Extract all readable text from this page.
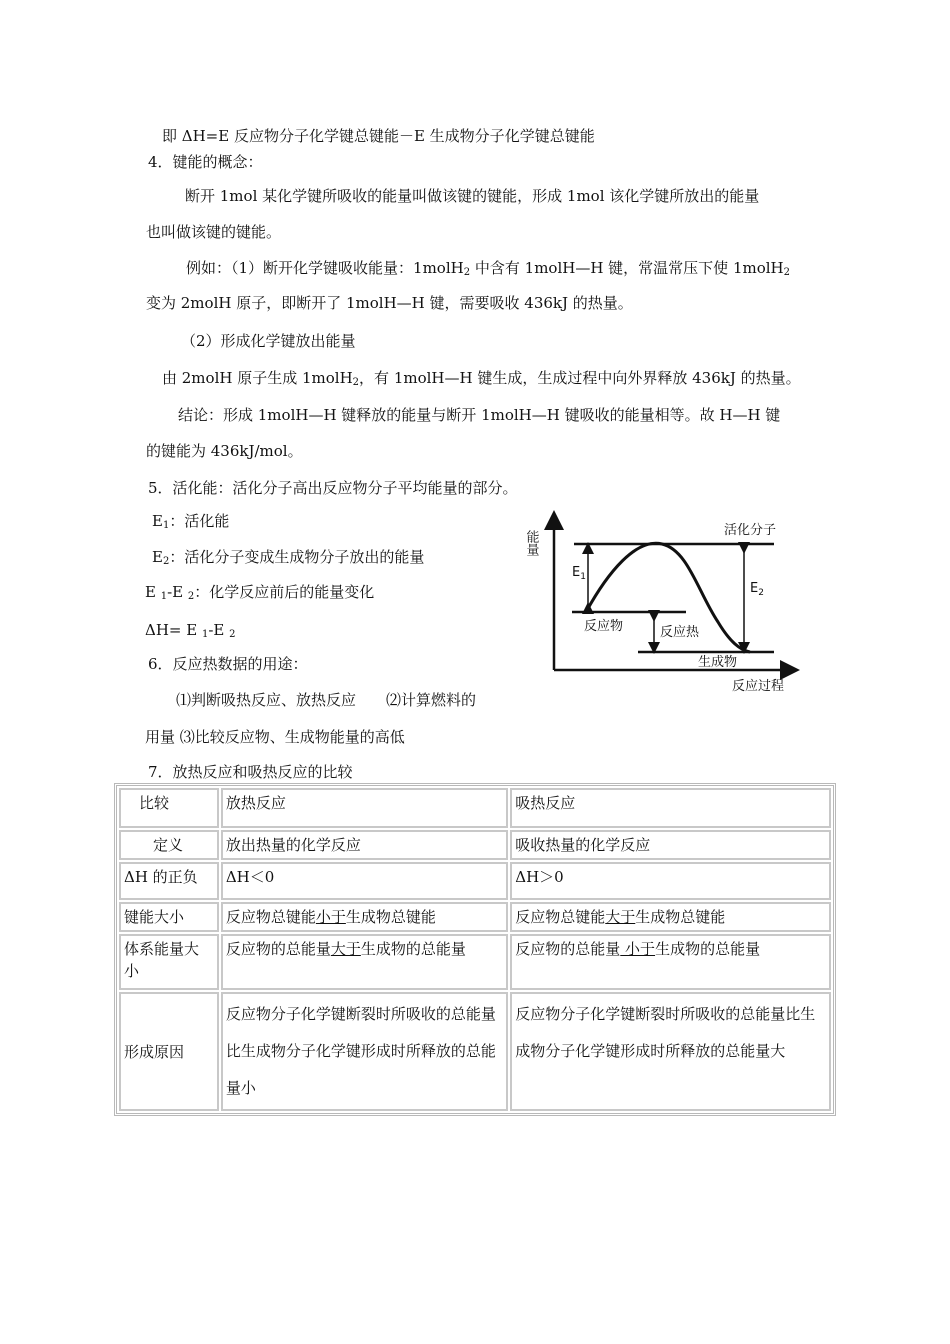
即 ΔH=E 反应物分子化学键总键能－E 生成物分子化学键总键能
4．键能的概念：
断开 1mol 某化学键所吸收的能量叫做该键的键能，形成 1mol 该化学键所放出的能量
也叫做该键的键能。
例如：（1）断开化学键吸收能量：1molH$_2$ 中含有 1molH—H 键，常温常压下使 1molH$_2$
变为 2molH 原子，即断开了 1molH—H 键，需要吸收 436kJ 的热量。
（2）形成化学键放出能量
由 2molH 原子生成 1molH$_2$，有 1molH—H 键生成，生成过程中向外界释放 436kJ 的热量。
结论：形成 1molH—H 键释放的能量与断开 1molH—H 键吸收的能量相等。故 H—H 键
的键能为 436kJ/mol。
5．活化能：活化分子高出反应物分子平均能量的部分。
$E_1$：活化能
$E_2$：活化分子变成生成物分子放出的能量
E $_1$-E $_2$：化学反应前后的能量变化
ΔH= E $_1$-E $_2$
6．反应热数据的用途：
⑴判断吸热反应、放热反应　　⑵计算燃料的
用量 ⑶比较反应物、生成物能量的高低
7．放热反应和吸热反应的比较
能量	活化分子
$E_1$
$E_2$
反应物	反应热
生成物
反应过程
比较	放热反应	吸热反应
定义	放出热量的化学反应	吸收热量的化学反应
ΔH 的正负	ΔH＜0	ΔH＞0
键能大小	反应物总键能小于生成物总键能	反应物总键能大于生成物总键能
体系能量大小	反应物的总能量大于生成物的总能量	反应物的总能量 小于生成物的总能量
形成原因	反应物分子化学键断裂时所吸收的总能量比生成物分子化学键形成时所释放的总能量小	反应物分子化学键断裂时所吸收的总能量比生成物分子化学键形成时所释放的总能量大
